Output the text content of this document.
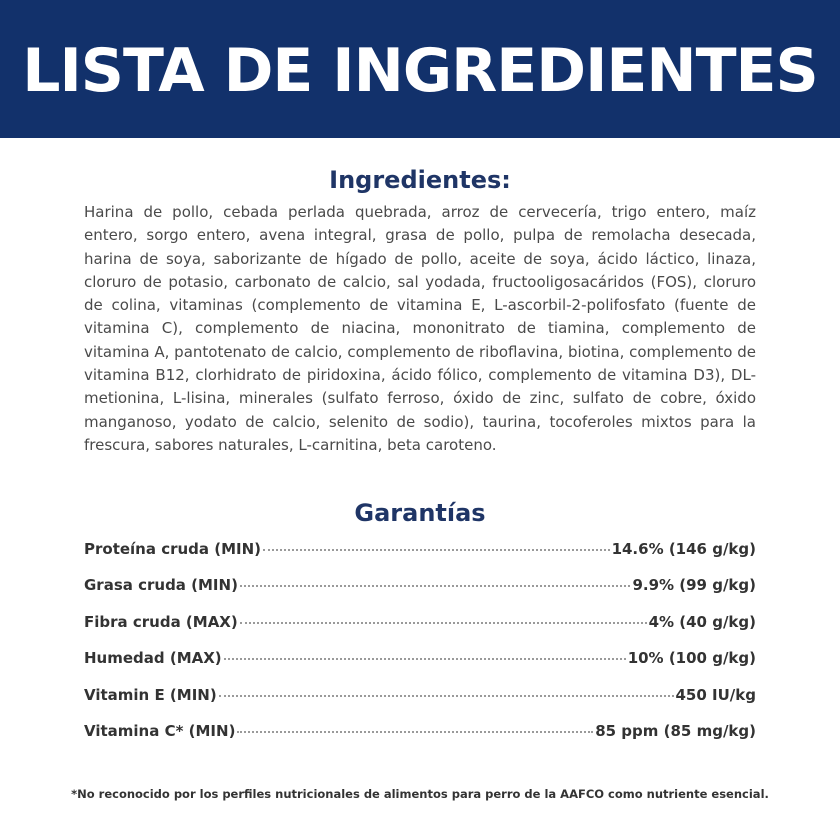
LISTA DE INGREDIENTES
Ingredientes:

Harina de pollo, cebada perlada quebrada, arroz de cervecería, trigo entero, maíz entero, sorgo entero, avena integral, grasa de pollo, pulpa de remolacha desecada, harina de soya, saborizante de hígado de pollo, aceite de soya, ácido láctico, linaza, cloruro de potasio, carbonato de calcio, sal yodada, fructooligosacáridos (FOS), cloruro de colina, vitaminas (complemento de vitamina E, L-ascorbil-2-polifosfato (fuente de vitamina C), complemento de niacina, mononitrato de tiamina, complemento de vitamina A, pantotenato de calcio, complemento de riboflavina, biotina, complemento de vitamina B12, clorhidrato de piridoxina, ácido fólico, complemento de vitamina D3), DL-metionina, L-lisina, minerales (sulfato ferroso, óxido de zinc, sulfato de cobre, óxido manganoso, yodato de calcio, selenito de sodio), taurina, tocoferoles mixtos para la frescura, sabores naturales, L-carnitina, beta caroteno.

Garantías
Proteína cruda (MIN)	14.6% (146 g/kg)
Grasa cruda (MIN)	9.9% (99 g/kg)
Fibra cruda (MAX)	4% (40 g/kg)
Humedad (MAX)	10% (100 g/kg)
Vitamin E (MIN)	450 IU/kg
Vitamina C* (MIN)	85 ppm (85 mg/kg)
*No reconocido por los perfiles nutricionales de alimentos para perro de la AAFCO como nutriente esencial.
